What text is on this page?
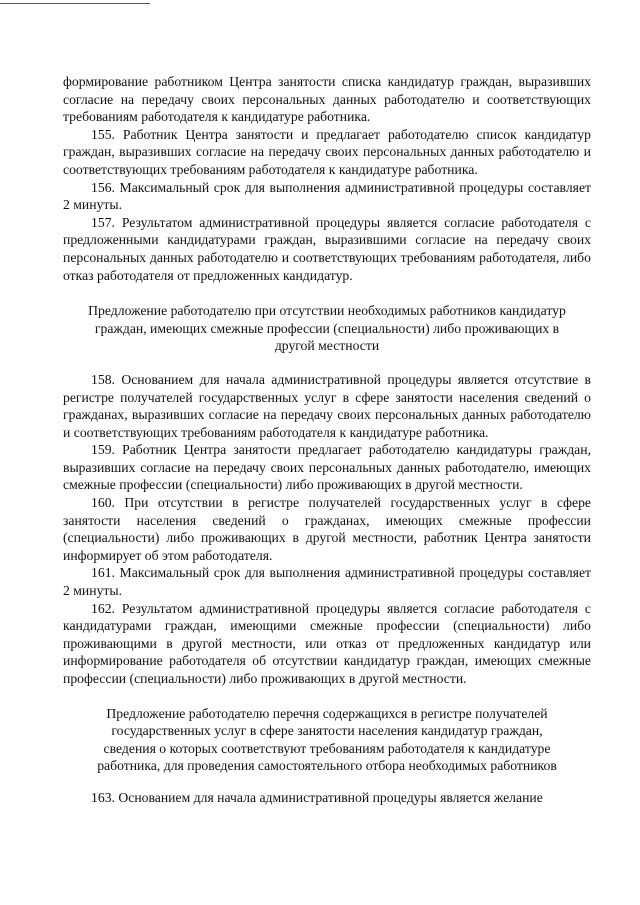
формирование работником Центра занятости списка кандидатур граждан, выразивших согласие на передачу своих персональных данных работодателю и соответствующих требованиям работодателя к кандидатуре работника.

155. Работник Центра занятости и предлагает работодателю список кандидатур граждан, выразивших согласие на передачу своих персональных данных работодателю и соответствующих требованиям работодателя к кандидатуре работника.

156. Максимальный срок для выполнения административной процедуры составляет 2 минуты.

157. Результатом административной процедуры является согласие работодателя с предложенными кандидатурами граждан, выразившими согласие на передачу своих персональных данных работодателю и соответствующих требованиям работодателя, либо отказ работодателя от предложенных кандидатур.

Предложение работодателю при отсутствии необходимых работников кандидатур
граждан, имеющих смежные профессии (специальности) либо проживающих в
другой местности

158. Основанием для начала административной процедуры является отсутствие в регистре получателей государственных услуг в сфере занятости населения сведений о гражданах, выразивших согласие на передачу своих персональных данных работодателю и соответствующих требованиям работодателя к кандидатуре работника.

159. Работник Центра занятости предлагает работодателю кандидатуры граждан, выразивших согласие на передачу своих персональных данных работодателю, имеющих смежные профессии (специальности) либо проживающих в другой местности.

160. При отсутствии в регистре получателей государственных услуг в сфере занятости населения сведений о гражданах, имеющих смежные профессии (специальности) либо проживающих в другой местности, работник Центра занятости информирует об этом работодателя.

161. Максимальный срок для выполнения административной процедуры составляет 2 минуты.

162. Результатом административной процедуры является согласие работодателя с кандидатурами граждан, имеющими смежные профессии (специальности) либо проживающими в другой местности, или отказ от предложенных кандидатур или информирование работодателя об отсутствии кандидатур граждан, имеющих смежные профессии (специальности) либо проживающих в другой местности.

Предложение работодателю перечня содержащихся в регистре получателей
государственных услуг в сфере занятости населения кандидатур граждан,
сведения о которых соответствуют требованиям работодателя к кандидатуре
работника, для проведения самостоятельного отбора необходимых работников

163. Основанием для начала административной процедуры является желание
